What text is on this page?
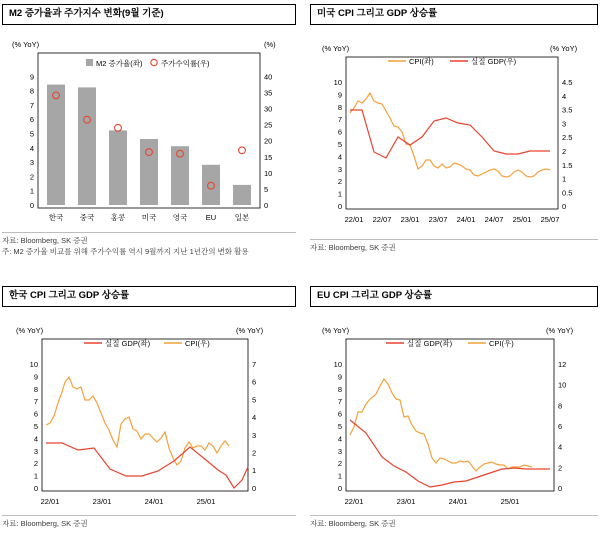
M2 증가율과 주가지수 변화(9월 기준)
(% YoY)	(%)
M2 증가율(좌) 주가수익률(우)
9
8
7
6
5
4
3
2
1
0
40
35
30
25
20
15
10
5
0
한국 중국 홍콩 미국 영국 EU 일본
자료: Bloomberg, SK 증권
주: M2 증가율 비교를 위해 주가수익률 역시 9월까지 지난 1년간의 변화 활용
미국 CPI 그리고 GDP 상승률
(% YoY)	(% YoY)
CPI(좌)	실질 GDP(우)
10
9
8
7
6
5
4
3
2
1
0
4.5
4
3.5
3
2.5
2
1.5
1
0.5
0
22/01 22/07 23/01 23/07 24/01 24/07 25/01 25/07
자료: Bloomberg, SK 증권
한국 CPI 그리고 GDP 상승률
(% YoY)	(% YoY)
실질 GDP(좌)	CPI(우)
10
9
8
7
6
5
4
3
2
1
0
7
6
5
4
3
2
1
0
22/01	23/01	24/01	25/01
자료: Bloomberg, SK 증권
EU CPI 그리고 GDP 상승률
(% YoY)	(% YoY)
실질 GDP(좌)	CPI(우)
10
9
8
7
6
5
4
3
2
1
0
12
10
8
6
4
2
0
22/01	23/01	24/01	25/01
자료: Bloomberg, SK 증권
